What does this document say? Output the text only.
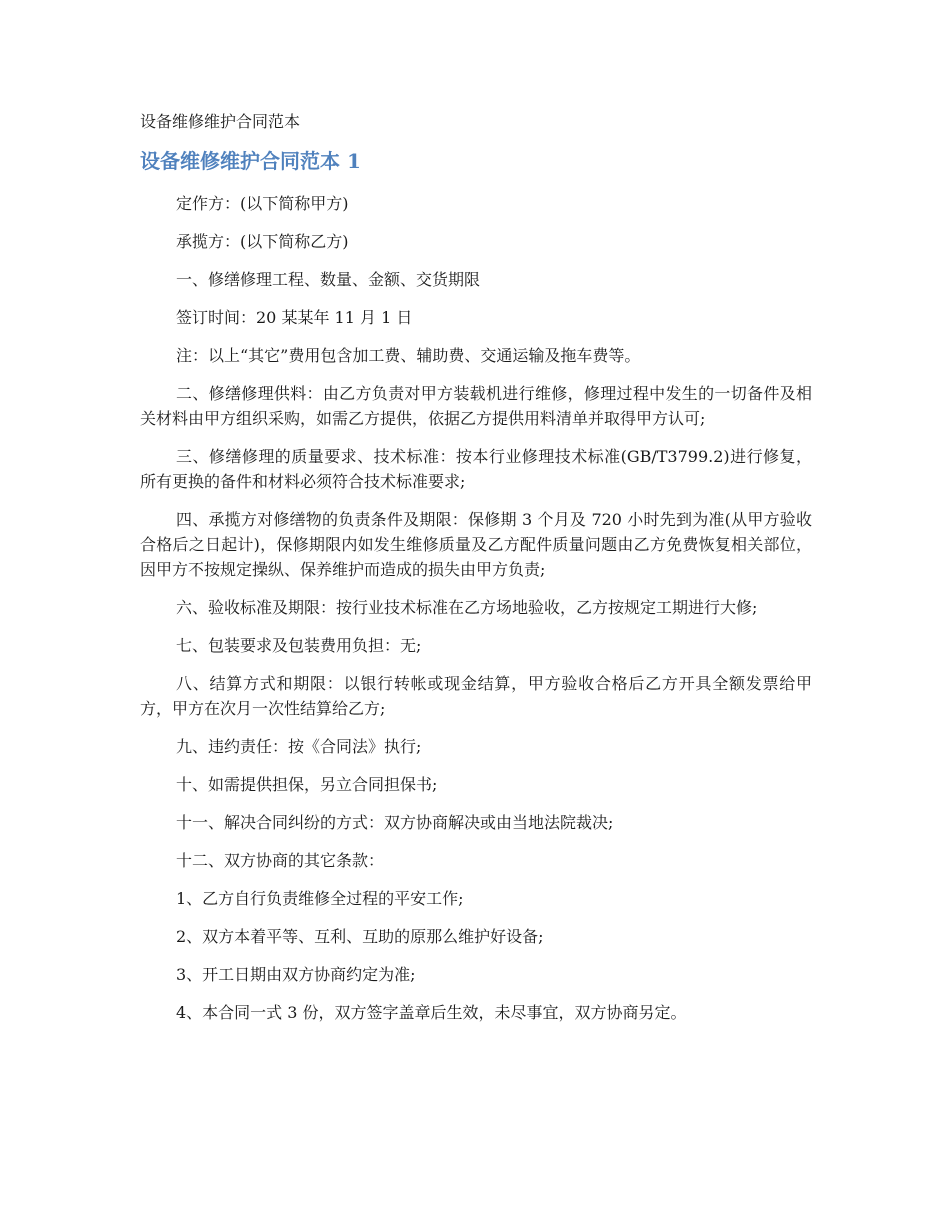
设备维修维护合同范本

设备维修维护合同范本 1

定作方：(以下简称甲方)

承揽方：(以下简称乙方)

一、修缮修理工程、数量、金额、交货期限

签订时间：20 某某年 11 月 1 日

注：以上“其它”费用包含加工费、辅助费、交通运输及拖车费等。

二、修缮修理供料：由乙方负责对甲方装载机进行维修，修理过程中发生的一切备件及相关材料由甲方组织采购，如需乙方提供，依据乙方提供用料清单并取得甲方认可;

三、修缮修理的质量要求、技术标准：按本行业修理技术标准(GB/T3799.2)进行修复，所有更换的备件和材料必须符合技术标准要求;

四、承揽方对修缮物的负责条件及期限：保修期 3 个月及 720 小时先到为准(从甲方验收合格后之日起计)，保修期限内如发生维修质量及乙方配件质量问题由乙方免费恢复相关部位，因甲方不按规定操纵、保养维护而造成的损失由甲方负责;

六、验收标准及期限：按行业技术标准在乙方场地验收，乙方按规定工期进行大修;

七、包装要求及包装费用负担：无;

八、结算方式和期限：以银行转帐或现金结算，甲方验收合格后乙方开具全额发票给甲方，甲方在次月一次性结算给乙方;

九、违约责任：按《合同法》执行;

十、如需提供担保，另立合同担保书;

十一、解决合同纠纷的方式：双方协商解决或由当地法院裁决;

十二、双方协商的其它条款：

1、乙方自行负责维修全过程的平安工作;

2、双方本着平等、互利、互助的原那么维护好设备;

3、开工日期由双方协商约定为准;

4、本合同一式 3 份，双方签字盖章后生效，未尽事宜，双方协商另定。
